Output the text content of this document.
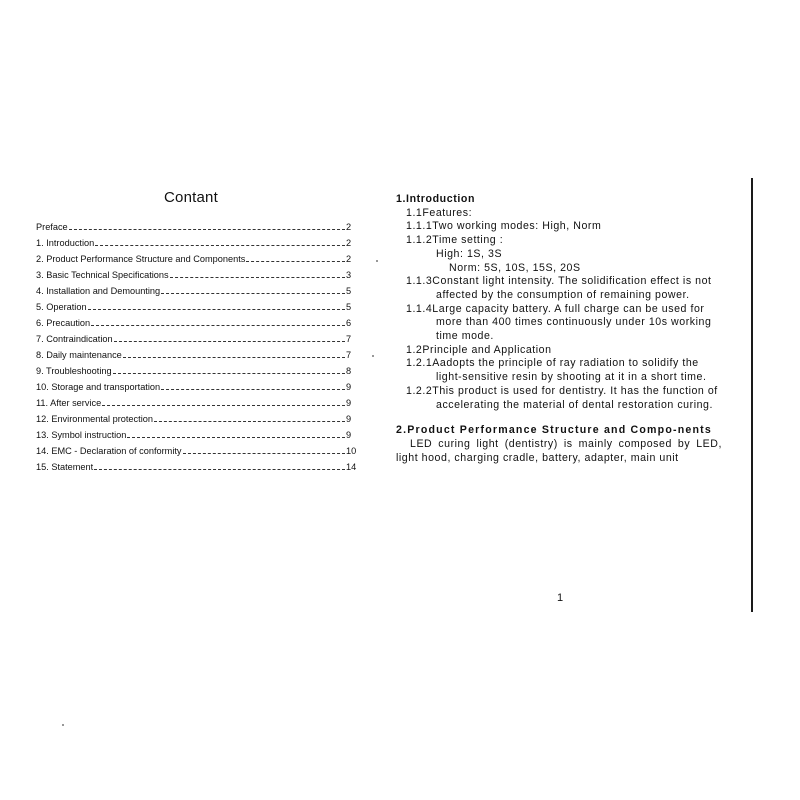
Contant
Preface	2
1. Introduction	2
2. Product Performance Structure and Components	2
3. Basic Technical Specifications	3
4. Installation and Demounting	5
5. Operation	5
6. Precaution	6
7. Contraindication	7
8. Daily maintenance	7
9. Troubleshooting	8
10. Storage and transportation	9
11. After service	9
12. Environmental protection	9
13. Symbol instruction	9
14. EMC - Declaration of conformity	10
15. Statement	14

1.Introduction

1.1Features:

1.1.1Two working modes: High, Norm

1.1.2Time setting :

High: 1S, 3S

Norm: 5S, 10S, 15S, 20S

1.1.3Constant light intensity. The solidification effect is not affected by the consumption of remaining power.

1.1.4Large capacity battery. A full charge can be used for more than 400 times continuously under 10s working time mode.

1.2Principle and Application

1.2.1Aadopts the principle of ray radiation to solidify the light-sensitive resin by shooting at it in a short time.

1.2.2This product is used for dentistry. It has the function of accelerating the material of dental restoration curing.

2.Product Performance Structure and Compo-nents

LED curing light (dentistry) is mainly composed by LED, light hood, charging cradle, battery, adapter, main unit

1
